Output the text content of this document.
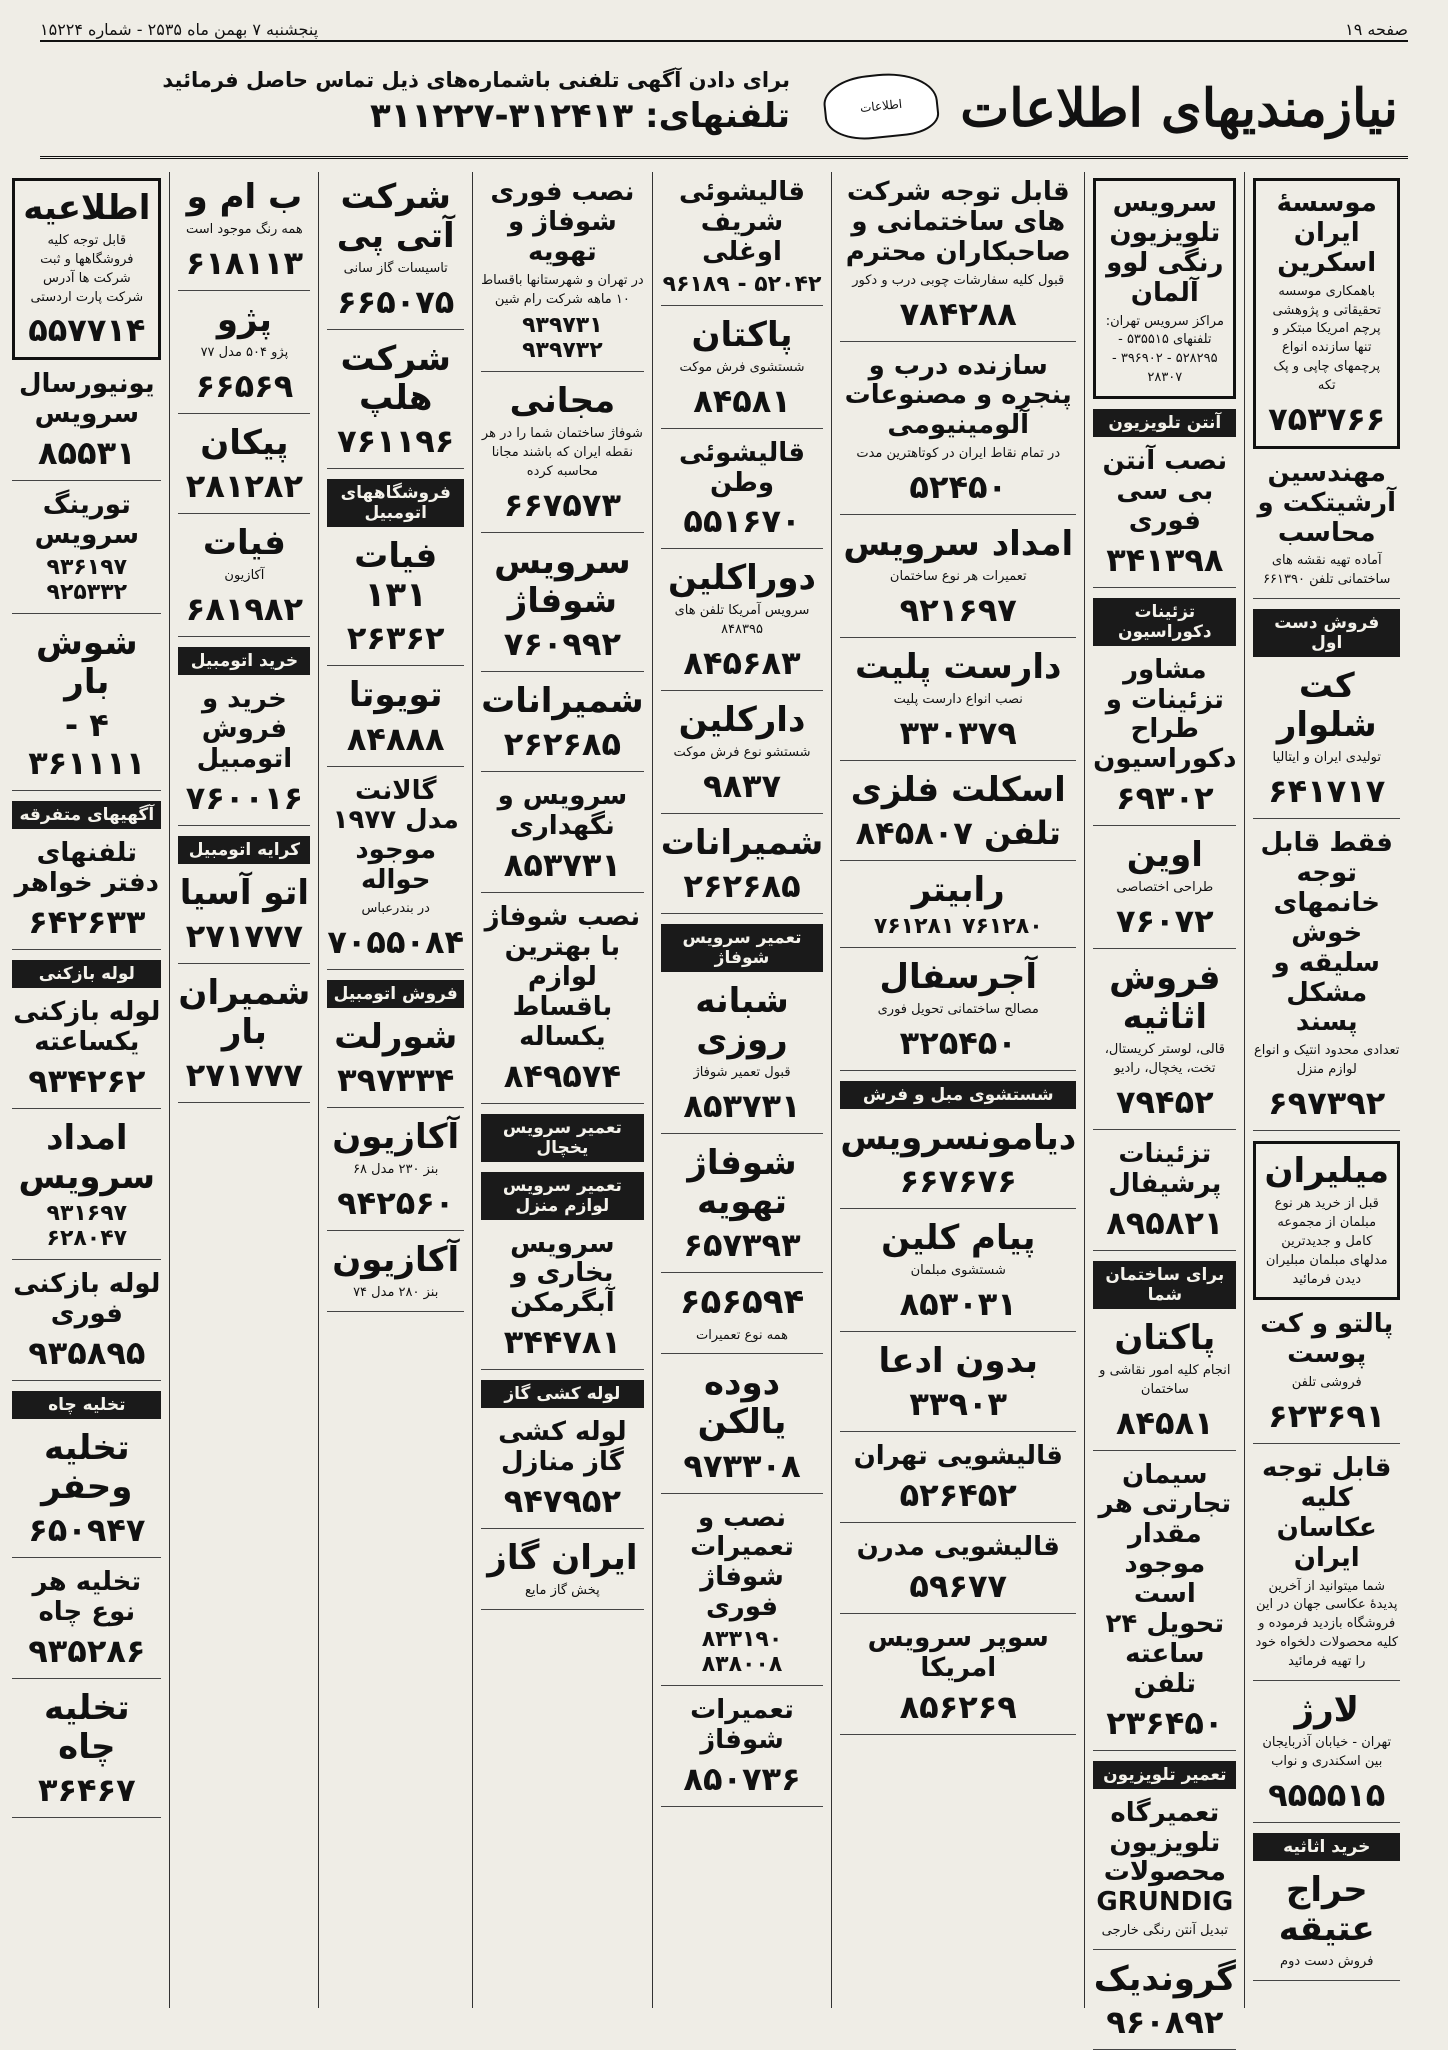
صفحه ۱۹
پنجشنبه ۷ بهمن ماه ۲۵۳۵ - شماره ۱۵۲۲۴
نیازمندیهای اطلاعات
اطلاعات
برای دادن آگهی تلفنی باشماره‌های ذیل تماس حاصل فرمائید
تلفنهای: ۳۱۲۴۱۳-۳۱۱۲۲۷
موسسهٔ ایران اسکرین
باهمکاری موسسه تحقیقاتی و پژوهشی پرچم امریکا مبتکر و تنها سازنده انواع پرچمهای چاپی و پک تکه
۷۵۳۷۶۶
مهندسین آرشیتکت و محاسب
آماده تهیه نقشه های ساختمانی تلفن ۶۶۱۳۹۰
فروش دست اول
کت شلوار
تولیدی ایران و ایتالیا
۶۴۱۷۱۷
فقط قابل توجه خانمهای خوش سلیقه و مشکل پسند
تعدادی محدود انتیک و انواع لوازم منزل
۶۹۷۳۹۲
میلیران
قبل از خرید هر نوع مبلمان از مجموعه کامل و جدیدترین مدلهای مبلمان مبلیران دیدن فرمائید
پالتو و کت پوست
فروشی تلفن
۶۲۳۶۹۱
قابل توجه کلیه عکاسان ایران
شما میتوانید از آخرین پدیدهٔ عکاسی جهان در این فروشگاه بازدید فرموده و کلیه محصولات دلخواه خود را تهیه فرمائید
لارژ
تهران - خیابان آذربایجان بین اسکندری و نواب
۹۵۵۵۱۵
خرید اثاثیه
حراج عتیقه
فروش دست دوم
سرویس تلویزیون رنگی لوو آلمان
مراکز سرویس تهران: تلفنهای ۵۳۵۵۱۵ - ۵۲۸۲۹۵ - ۳۹۶۹۰۲ - ۲۸۳۰۷
آنتن تلویزیون
نصب آنتن بی سی فوری
۳۴۱۳۹۸
تزئینات دکوراسیون
مشاور تزئینات و طراح دکوراسیون
۶۹۳۰۲
اوین
طراحی اختصاصی
۷۶۰۷۲
فروش اثاثیه
قالی، لوستر کریستال، تخت، یخچال، رادیو
۷۹۴۵۲
تزئینات پرشیفال
۸۹۵۸۲۱
برای ساختمان شما
پاکتان
انجام کلیه امور نقاشی و ساختمان
۸۴۵۸۱
سیمان تجارتی هر مقدار موجود است تحویل ۲۴ ساعته تلفن
۲۳۶۴۵۰
تعمیر تلویزیون
تعمیرگاه تلویزیون محصولات GRUNDIG
تبدیل آنتن رنگی خارجی
گروندیک
۹۶۰۸۹۲
قابل توجه شرکت های ساختمانی و صاحبکاران محترم
قبول کلیه سفارشات چوبی درب و دکور
۷۸۴۲۸۸
سازنده درب و پنجره و مصنوعات آلومینیومی
در تمام نقاط ایران در کوتاهترین مدت
۵۲۴۵۰
امداد سرویس
تعمیرات هر نوع ساختمان
۹۲۱۶۹۷
دارست پلیت
نصب انواع دارست پلیت
۳۳۰۳۷۹
اسکلت فلزی
تلفن ۸۴۵۸۰۷
رابیتر
۷۶۱۲۸۰ ۷۶۱۲۸۱
آجرسفال
مصالح ساختمانی تحویل فوری
۳۲۵۴۵۰
شستشوی مبل و فرش
دیامونسرویس
۶۶۷۶۷۶
پیام کلین
شستشوی مبلمان
۸۵۳۰۳۱
بدون ادعا
۳۳۹۰۳
قالیشویی تهران
۵۲۶۴۵۲
قالیشویی مدرن
۵۹۶۷۷
سوپر سرویس امریکا
۸۵۶۲۶۹
قالیشوئی شریف اوغلی
۵۲۰۴۲ - ۹۶۱۸۹
پاکتان
شستشوی فرش موکت
۸۴۵۸۱
قالیشوئی وطن
۵۵۱۶۷۰
دوراکلین
سرویس آمریکا تلفن های ۸۴۸۳۹۵
۸۴۵۶۸۳
دارکلین
شستشو نوع فرش موکت
۹۸۳۷
شمیرانات
۲۶۲۶۸۵
تعمیر سرویس شوفاژ
شبانه روزی
قبول تعمیر شوفاژ
۸۵۳۷۳۱
شوفاژ تهویه
۶۵۷۳۹۳
۶۵۶۵۹۴
همه نوع تعمیرات
دوده یالکن
۹۷۳۳۰۸
نصب و تعمیرات شوفاژ فوری
۸۳۳۱۹۰ ۸۳۸۰۰۸
تعمیرات شوفاژ
۸۵۰۷۳۶
نصب فوری شوفاژ و تهویه
در تهران و شهرستانها باقساط ۱۰ ماهه شرکت رام شین
۹۳۹۷۳۱ ۹۳۹۷۳۲
مجانی
شوفاژ ساختمان شما را در هر نقطه ایران که باشند مجانا محاسبه کرده
۶۶۷۵۷۳
سرویس شوفاژ
۷۶۰۹۹۲
شمیرانات
۲۶۲۶۸۵
سرویس و نگهداری
۸۵۳۷۳۱
نصب شوفاژ با بهترین لوازم باقساط یکساله
۸۴۹۵۷۴
تعمیر سرویس یخچال
تعمیر سرویس لوازم منزل
سرویس بخاری و آبگرمکن
۳۴۴۷۸۱
لوله کشی گاز
لوله کشی گاز منازل
۹۴۷۹۵۲
ایران گاز
پخش گاز مایع
شرکت آتی پی
تاسیسات گاز سانی
۶۶۵۰۷۵
شرکت هلپ
۷۶۱۱۹۶
فروشگاههای اتومبیل
فیات ۱۳۱
۲۶۳۶۲
تویوتا
۸۴۸۸۸
گالانت مدل ۱۹۷۷ موجود حواله
در بندرعباس
۷۰۵۵۰۸۴
فروش اتومبیل
شورلت
۳۹۷۳۳۴
آکازیون
بنز ۲۳۰ مدل ۶۸
۹۴۲۵۶۰
آکازیون
بنز ۲۸۰ مدل ۷۴
ب ام و
همه رنگ موجود است
۶۱۸۱۱۳
پژو
پژو ۵۰۴ مدل ۷۷
۶۶۵۶۹
پیکان
۲۸۱۲۸۲
فیات
آکازیون
۶۸۱۹۸۲
خرید اتومبیل
خرید و فروش اتومبیل
۷۶۰۰۱۶
کرایه اتومبیل
اتو آسیا
۲۷۱۷۷۷
شمیران بار
۲۷۱۷۷۷
اطلاعیه
قابل توجه کلیه فروشگاهها و ثبت شرکت ها آدرس شرکت پارت اردستی
۵۵۷۷۱۴
یونیورسال سرویس
۸۵۵۳۱
تورینگ سرویس
۹۳۶۱۹۷ ۹۲۵۳۳۲
شوش بار
۴ - ۳۶۱۱۱۱
آگهیهای متفرقه
تلفنهای دفتر خواهر
۶۴۲۶۳۳
لوله بازکنی
لوله بازکنی یکساعته
۹۳۴۲۶۲
امداد سرویس
۹۳۱۶۹۷ ۶۲۸۰۴۷
لوله بازکنی فوری
۹۳۵۸۹۵
تخلیه چاه
تخلیه وحفر
۶۵۰۹۴۷
تخلیه هر نوع چاه
۹۳۵۲۸۶
تخلیه چاه
۳۶۴۶۷
